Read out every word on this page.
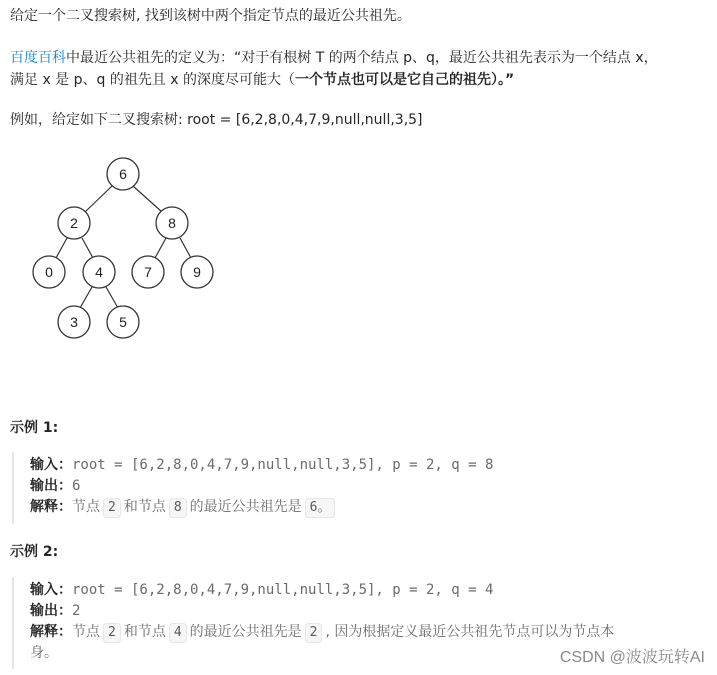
给定一个二叉搜索树, 找到该树中两个指定节点的最近公共祖先。
百度百科中最近公共祖先的定义为：“对于有根树 T 的两个结点 p、q，最近公共祖先表示为一个结点 x，
满足 x 是 p、q 的祖先且 x 的深度尽可能大（一个节点也可以是它自己的祖先）。”
例如，给定如下二叉搜索树: root = [6,2,8,0,4,7,9,null,null,3,5]
6
2	8
0	4	7	9
3	5
示例 1:
输入：root = [6,2,8,0,4,7,9,null,null,3,5], p = 2, q = 8
输出：6
解释：节点 2 和节点 8 的最近公共祖先是 6。
示例 2:
输入：root = [6,2,8,0,4,7,9,null,null,3,5], p = 2, q = 4
输出：2
解释：节点 2 和节点 4 的最近公共祖先是 2 , 因为根据定义最近公共祖先节点可以为节点本
身。	CSDN @波波玩转AI
